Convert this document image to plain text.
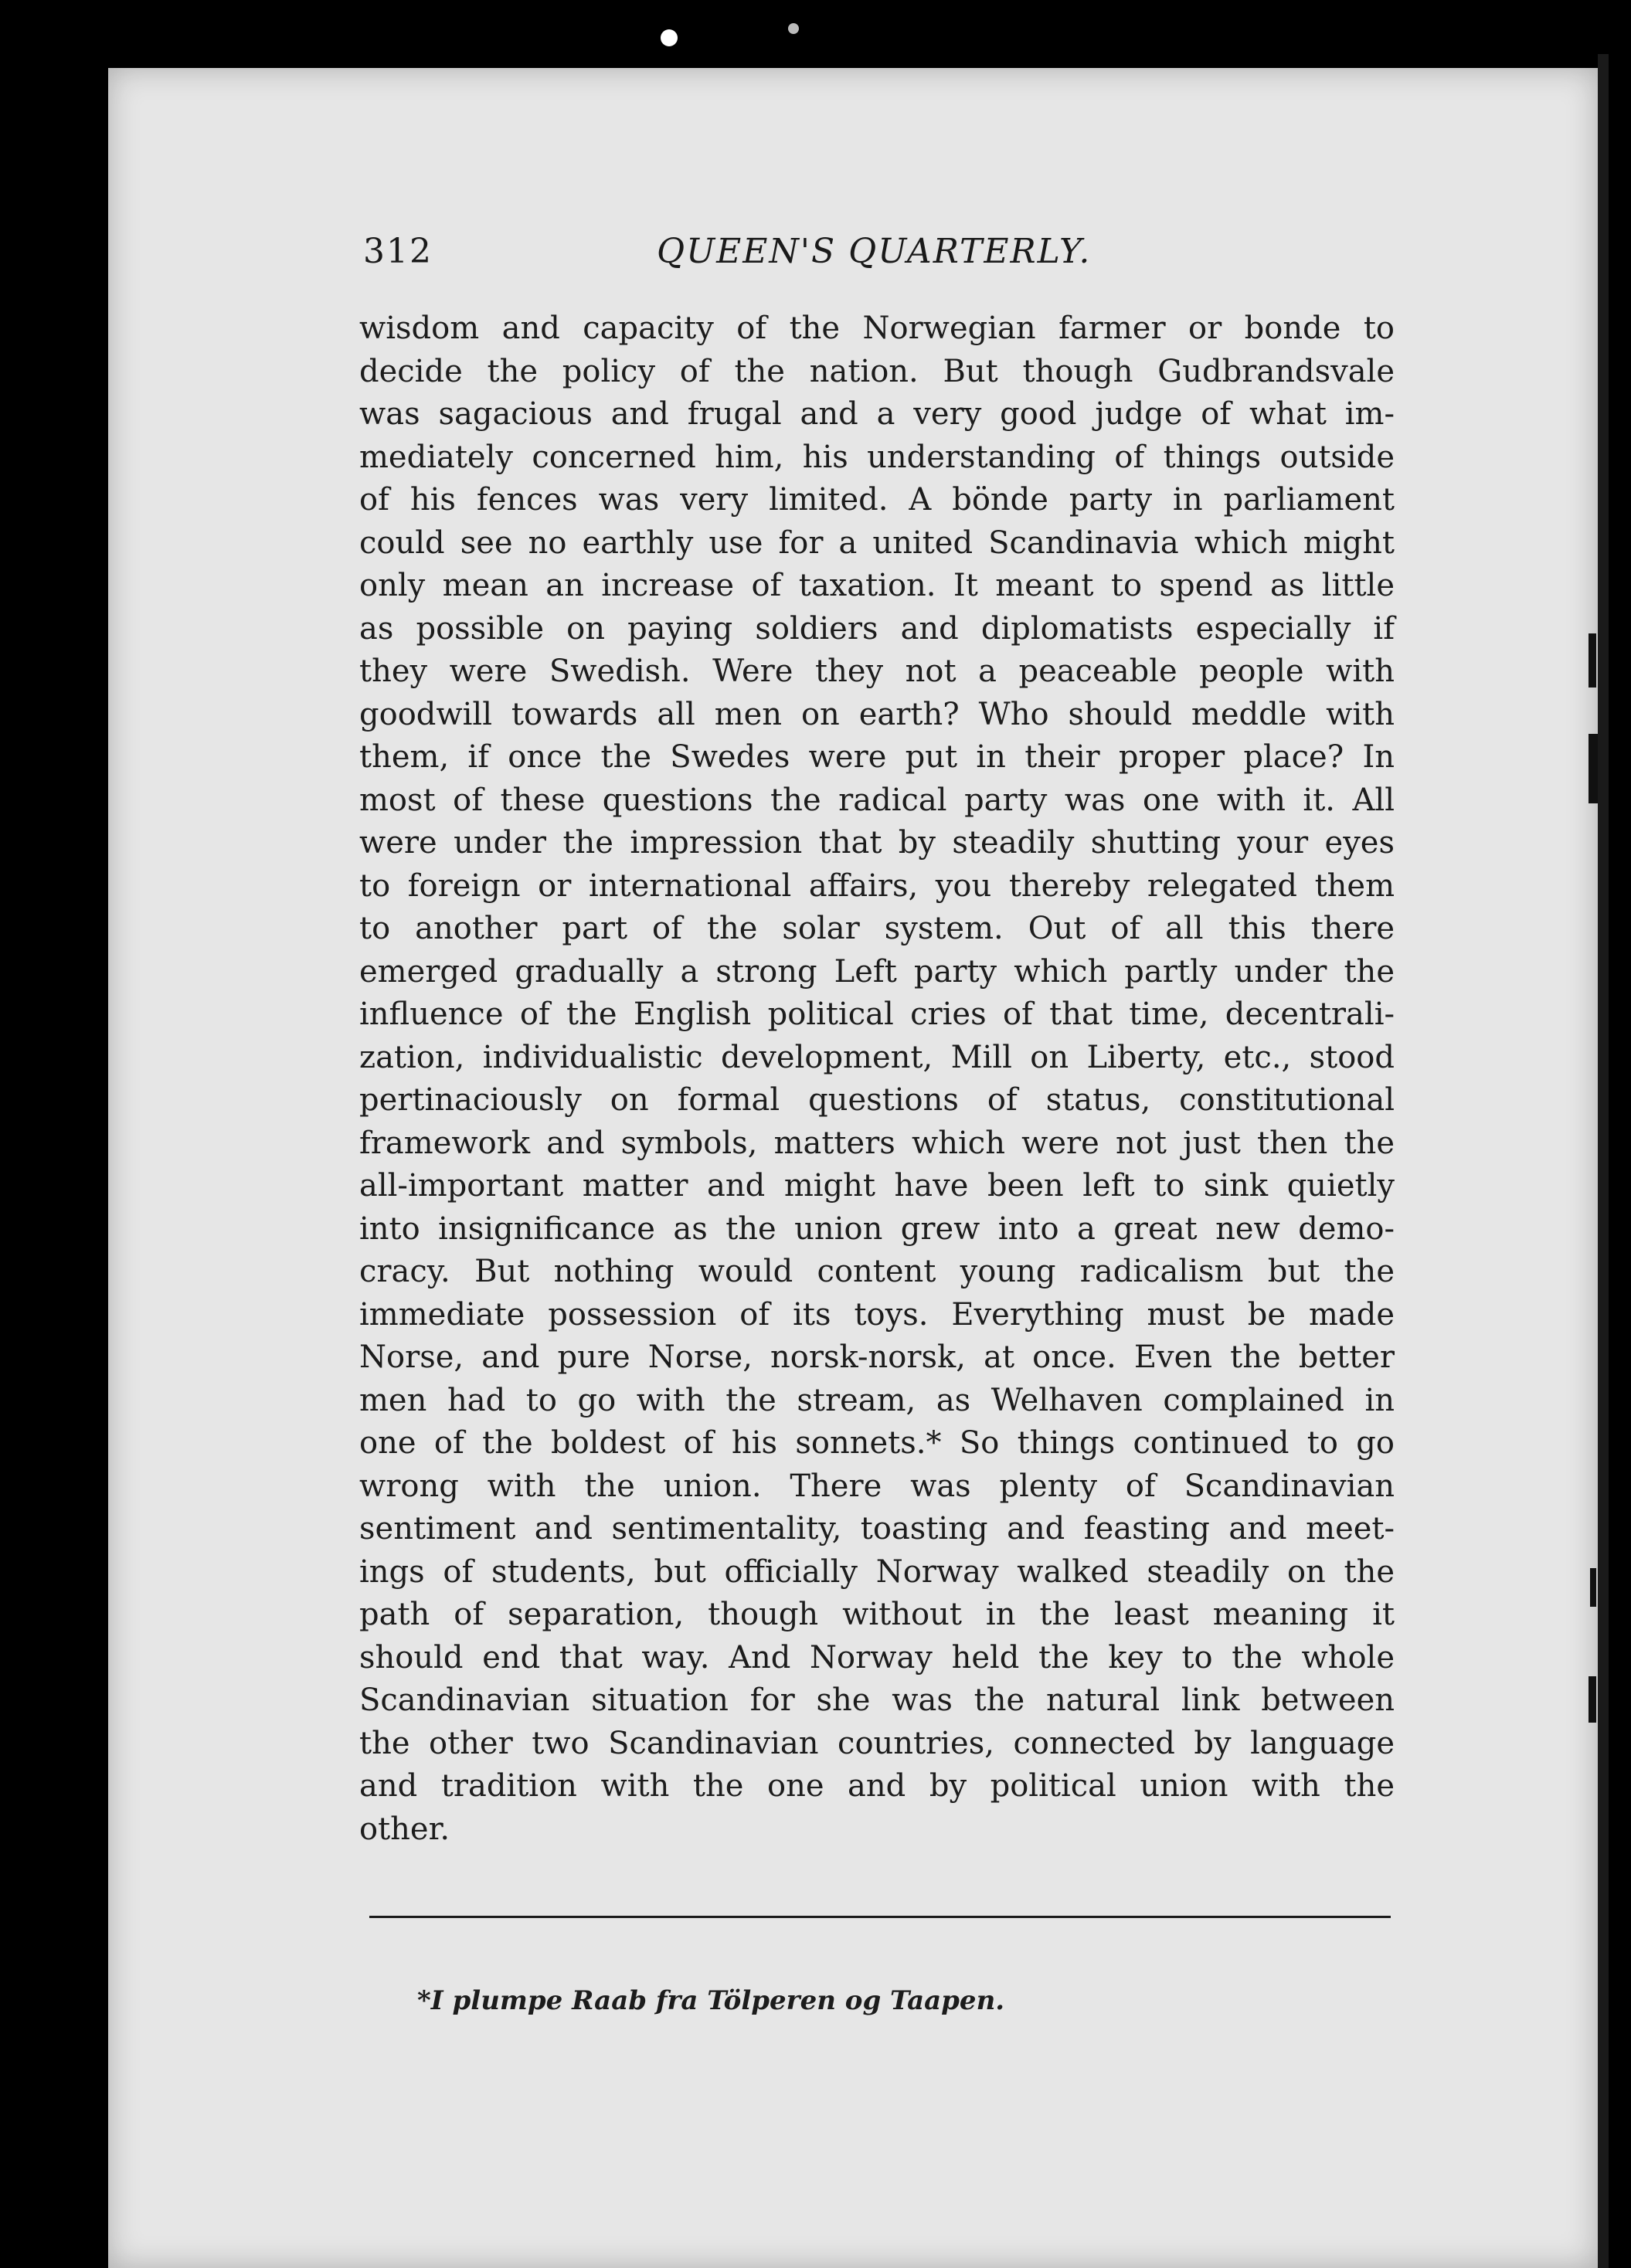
312	QUEEN'S QUARTERLY.
wisdom and capacity of the Norwegian farmer or bonde to
decide the policy of the nation. But though Gudbrandsvale
was sagacious and frugal and a very good judge of what im-
mediately concerned him, his understanding of things outside
of his fences was very limited. A bönde party in parliament
could see no earthly use for a united Scandinavia which might
only mean an increase of taxation. It meant to spend as little
as possible on paying soldiers and diplomatists especially if
they were Swedish. Were they not a peaceable people with
goodwill towards all men on earth? Who should meddle with
them, if once the Swedes were put in their proper place? In
most of these questions the radical party was one with it. All
were under the impression that by steadily shutting your eyes
to foreign or international affairs, you thereby relegated them
to another part of the solar system. Out of all this there
emerged gradually a strong Left party which partly under the
influence of the English political cries of that time, decentrali-
zation, individualistic development, Mill on Liberty, etc., stood
pertinaciously on formal questions of status, constitutional
framework and symbols, matters which were not just then the
all-important matter and might have been left to sink quietly
into insignificance as the union grew into a great new demo-
cracy. But nothing would content young radicalism but the
immediate possession of its toys. Everything must be made
Norse, and pure Norse, norsk-norsk, at once. Even the better
men had to go with the stream, as Welhaven complained in
one of the boldest of his sonnets.* So things continued to go
wrong with the union. There was plenty of Scandinavian
sentiment and sentimentality, toasting and feasting and meet-
ings of students, but officially Norway walked steadily on the
path of separation, though without in the least meaning it
should end that way. And Norway held the key to the whole
Scandinavian situation for she was the natural link between
the other two Scandinavian countries, connected by language
and tradition with the one and by political union with the
other.
*I plumpe Raab fra Tölperen og Taapen.
